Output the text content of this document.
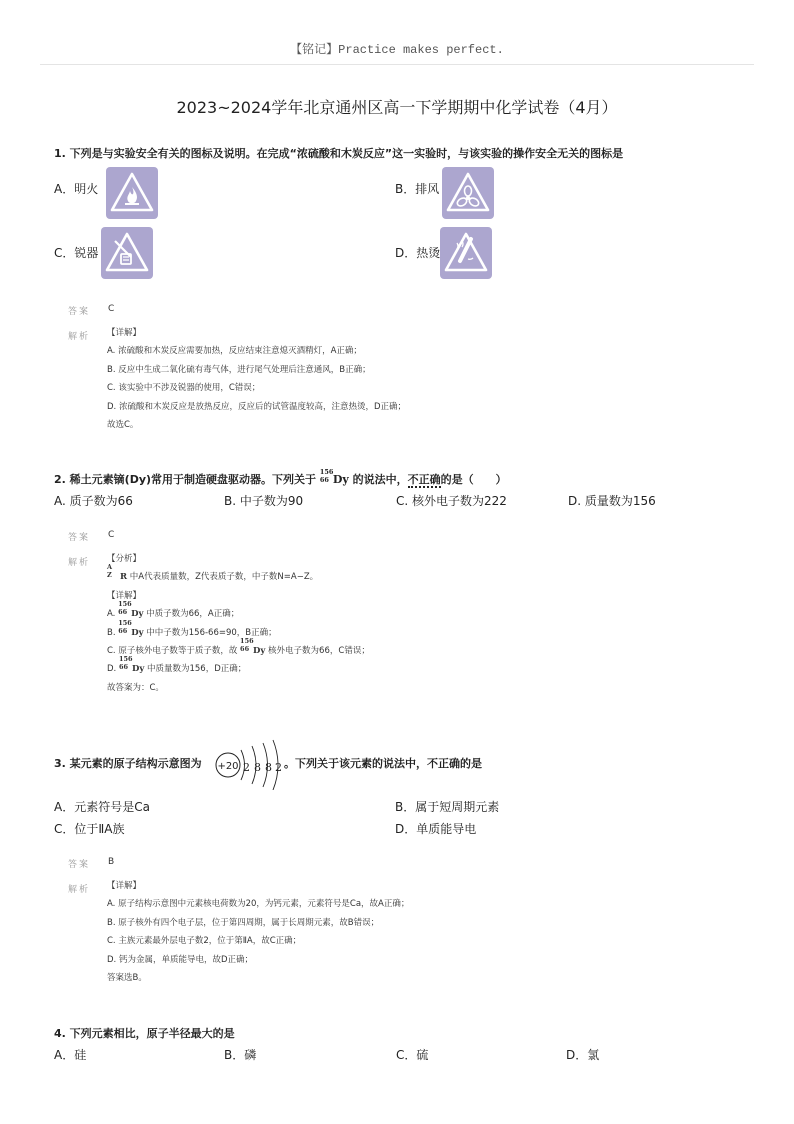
【铭记】Practice makes perfect.
2023~2024学年北京通州区高一下学期期中化学试卷（4月）
1. 下列是与实验安全有关的图标及说明。在完成“浓硫酸和木炭反应”这一实验时，与该实验的操作安全无关的图标是
A．明火	B．排风
C．锐器	D．热烫
答案 C
解析 【详解】
A. 浓硫酸和木炭反应需要加热，反应结束注意熄灭酒精灯，A正确；
B. 反应中生成二氧化硫有毒气体，进行尾气处理后注意通风，B正确；
C. 该实验中不涉及锐器的使用，C错误；
D. 浓硫酸和木炭反应是放热反应，反应后的试管温度较高，注意热烫，D正确；
故选C。
2. 稀土元素镝(Dy)常用于制造硬盘驱动器。下列关于
156
66 Dy 的说法中，不正确的是（　　）
A. 质子数为66	B. 中子数为90	C. 核外电子数为222	D. 质量数为156
答案 C
解析 【分析】
A
Z R 中A代表质量数，Z代表质子数，中子数N=A−Z。
【详解】
A.
156
66 Dy 中质子数为66，A正确；
B.
156
66 Dy 中中子数为156-66=90，B正确；
C. 原子核外电子数等于质子数，故
156
66 Dy 核外电子数为66，C错误；
D.
156
66 Dy 中质量数为156，D正确；
故答案为：C。
3. 某元素的原子结构示意图为 +20 2 8 8 2 。下列关于该元素的说法中，不正确的是
A．元素符号是Ca	B．属于短周期元素
C．位于ⅡA族	D．单质能导电
答案 B
解析 【详解】
A. 原子结构示意图中元素核电荷数为20，为钙元素，元素符号是Ca，故A正确；
B. 原子核外有四个电子层，位于第四周期，属于长周期元素，故B错误；
C. 主族元素最外层电子数2，位于第ⅡA，故C正确；
D. 钙为金属，单质能导电，故D正确；
答案选B。
4. 下列元素相比，原子半径最大的是
A．硅	B．磷	C．硫	D．氯
